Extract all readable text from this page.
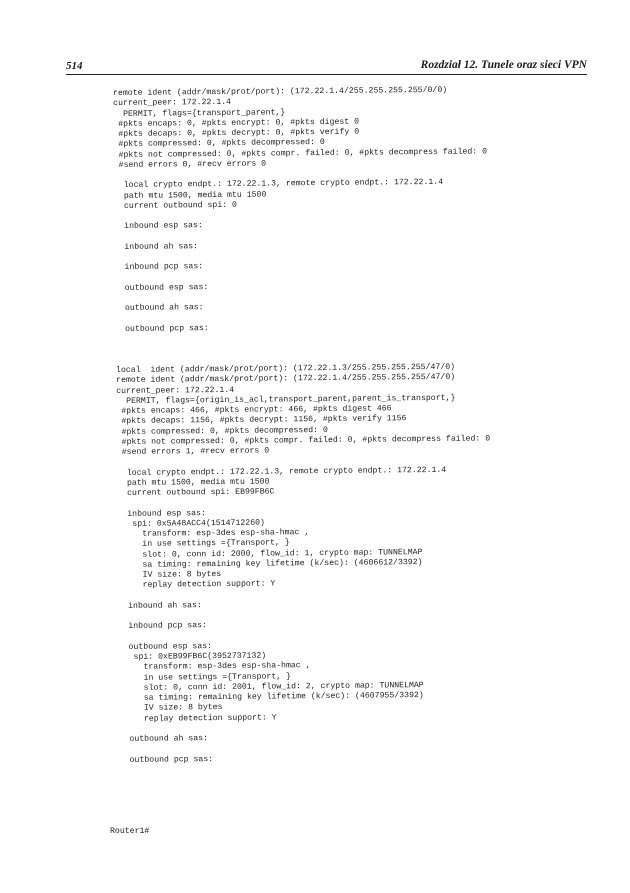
514	Rozdział 12. Tunele oraz sieci VPN
remote ident (addr/mask/prot/port): (172.22.1.4/255.255.255.255/0/0)
current_peer: 172.22.1.4
PERMIT, flags={transport_parent,}
#pkts encaps: 0, #pkts encrypt: 0, #pkts digest 0
#pkts decaps: 0, #pkts decrypt: 0, #pkts verify 0
#pkts compressed: 0, #pkts decompressed: 0
#pkts not compressed: 0, #pkts compr. failed: 0, #pkts decompress failed: 0
#send errors 0, #recv errors 0

local crypto endpt.: 172.22.1.3, remote crypto endpt.: 172.22.1.4
path mtu 1500, media mtu 1500
current outbound spi: 0

inbound esp sas:

inbound ah sas:

inbound pcp sas:

outbound esp sas:

outbound ah sas:

outbound pcp sas:
local  ident (addr/mask/prot/port): (172.22.1.3/255.255.255.255/47/0)
remote ident (addr/mask/prot/port): (172.22.1.4/255.255.255.255/47/0)
current_peer: 172.22.1.4
PERMIT, flags={origin_is_acl,transport_parent,parent_is_transport,}
#pkts encaps: 466, #pkts encrypt: 466, #pkts digest 466
#pkts decaps: 1156, #pkts decrypt: 1156, #pkts verify 1156
#pkts compressed: 0, #pkts decompressed: 0
#pkts not compressed: 0, #pkts compr. failed: 0, #pkts decompress failed: 0
#send errors 1, #recv errors 0

local crypto endpt.: 172.22.1.3, remote crypto endpt.: 172.22.1.4
path mtu 1500, media mtu 1500
current outbound spi: EB99FB6C

inbound esp sas:
spi: 0x5A48ACC4(1514712260)
transform: esp-3des esp-sha-hmac ,
in use settings ={Transport, }
slot: 0, conn id: 2000, flow_id: 1, crypto map: TUNNELMAP
sa timing: remaining key lifetime (k/sec): (4606612/3392)
IV size: 8 bytes
replay detection support: Y

inbound ah sas:

inbound pcp sas:

outbound esp sas:
spi: 0xEB99FB6C(3952737132)
transform: esp-3des esp-sha-hmac ,
in use settings ={Transport, }
slot: 0, conn id: 2001, flow_id: 2, crypto map: TUNNELMAP
sa timing: remaining key lifetime (k/sec): (4607955/3392)
IV size: 8 bytes
replay detection support: Y

outbound ah sas:

outbound pcp sas:
Router1#
